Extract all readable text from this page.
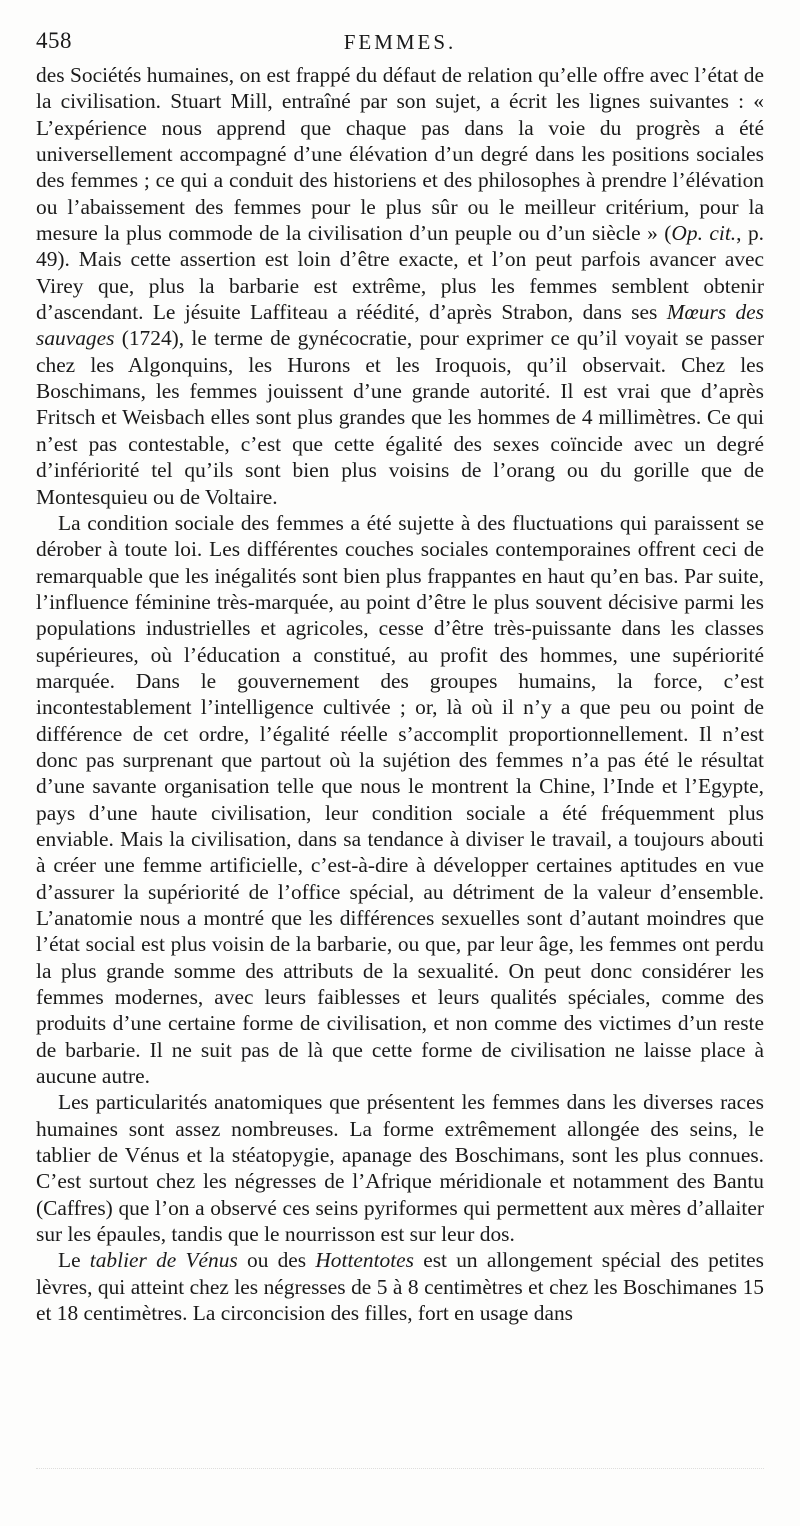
458	FEMMES.

des Sociétés humaines, on est frappé du défaut de relation qu’elle offre avec l’état de la civilisation. Stuart Mill, entraîné par son sujet, a écrit les lignes suivantes : « L’expérience nous apprend que chaque pas dans la voie du progrès a été universellement accompagné d’une élévation d’un degré dans les positions sociales des femmes ; ce qui a conduit des historiens et des philosophes à prendre l’élévation ou l’abaissement des femmes pour le plus sûr ou le meilleur critérium, pour la mesure la plus commode de la civilisation d’un peuple ou d’un siècle » (Op. cit., p. 49). Mais cette assertion est loin d’être exacte, et l’on peut parfois avancer avec Virey que, plus la barbarie est extrême, plus les femmes semblent obtenir d’ascendant. Le jésuite Laffiteau a réédité, d’après Strabon, dans ses Mœurs des sauvages (1724), le terme de gynécocratie, pour exprimer ce qu’il voyait se passer chez les Algonquins, les Hurons et les Iroquois, qu’il observait. Chez les Boschimans, les femmes jouissent d’une grande autorité. Il est vrai que d’après Fritsch et Weisbach elles sont plus grandes que les hommes de 4 millimètres. Ce qui n’est pas contestable, c’est que cette égalité des sexes coïncide avec un degré d’infériorité tel qu’ils sont bien plus voisins de l’orang ou du gorille que de Montesquieu ou de Voltaire.

La condition sociale des femmes a été sujette à des fluctuations qui paraissent se dérober à toute loi. Les différentes couches sociales contemporaines offrent ceci de remarquable que les inégalités sont bien plus frappantes en haut qu’en bas. Par suite, l’influence féminine très-marquée, au point d’être le plus souvent décisive parmi les populations industrielles et agricoles, cesse d’être très-puissante dans les classes supérieures, où l’éducation a constitué, au profit des hommes, une supériorité marquée. Dans le gouvernement des groupes humains, la force, c’est incontestablement l’intelligence cultivée ; or, là où il n’y a que peu ou point de différence de cet ordre, l’égalité réelle s’accomplit proportionnellement. Il n’est donc pas surprenant que partout où la sujétion des femmes n’a pas été le résultat d’une savante organisation telle que nous le montrent la Chine, l’Inde et l’Egypte, pays d’une haute civilisation, leur condition sociale a été fréquemment plus enviable. Mais la civilisation, dans sa tendance à diviser le travail, a toujours abouti à créer une femme artificielle, c’est-à-dire à développer certaines aptitudes en vue d’assurer la supériorité de l’office spécial, au détriment de la valeur d’ensemble. L’anatomie nous a montré que les différences sexuelles sont d’autant moindres que l’état social est plus voisin de la barbarie, ou que, par leur âge, les femmes ont perdu la plus grande somme des attributs de la sexualité. On peut donc considérer les femmes modernes, avec leurs faiblesses et leurs qualités spéciales, comme des produits d’une certaine forme de civilisation, et non comme des victimes d’un reste de barbarie. Il ne suit pas de là que cette forme de civilisation ne laisse place à aucune autre.

Les particularités anatomiques que présentent les femmes dans les diverses races humaines sont assez nombreuses. La forme extrêmement allongée des seins, le tablier de Vénus et la stéatopygie, apanage des Boschimans, sont les plus connues. C’est surtout chez les négresses de l’Afrique méridionale et notamment des Bantu (Caffres) que l’on a observé ces seins pyriformes qui permettent aux mères d’allaiter sur les épaules, tandis que le nourrisson est sur leur dos.

Le tablier de Vénus ou des Hottentotes est un allongement spécial des petites lèvres, qui atteint chez les négresses de 5 à 8 centimètres et chez les Boschimanes 15 et 18 centimètres. La circoncision des filles, fort en usage dans
